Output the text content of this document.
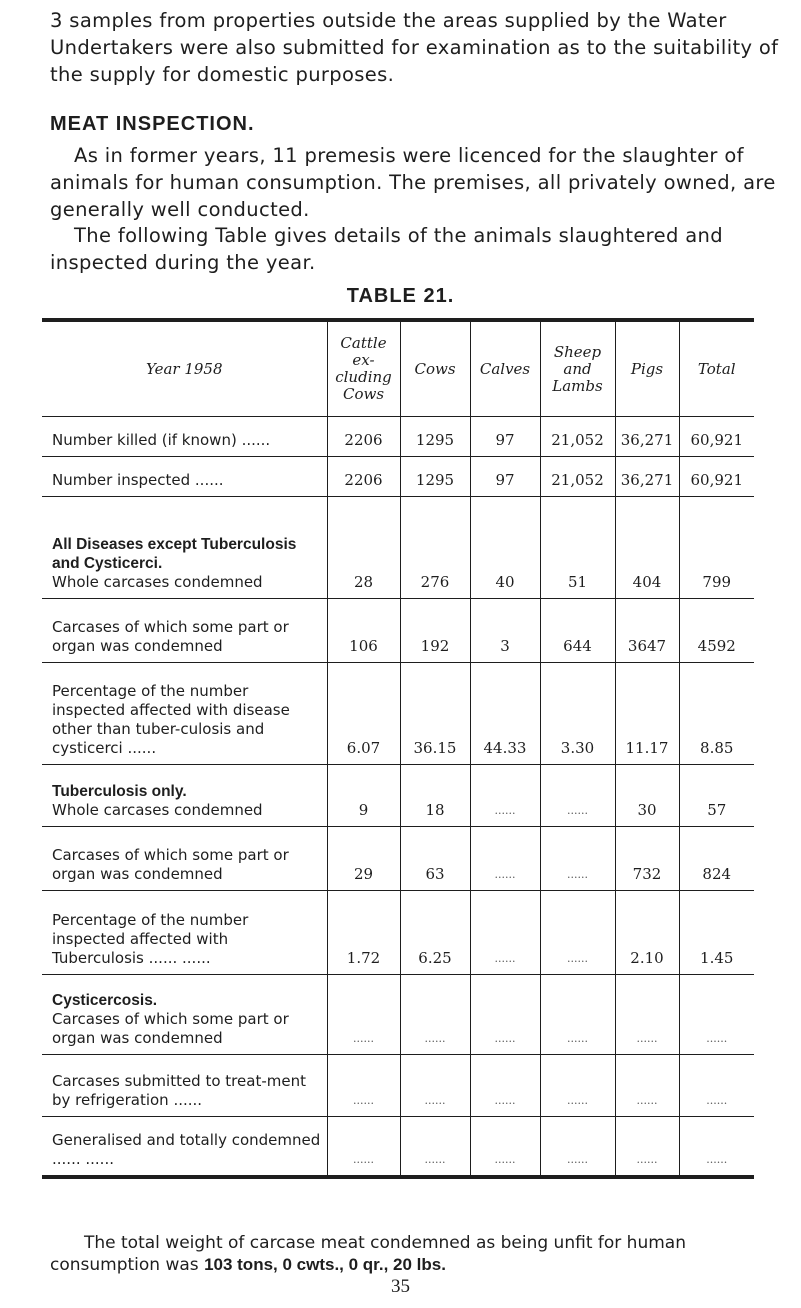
3 samples from properties outside the areas supplied by the Water Undertakers were also submitted for examination as to the suitability of the supply for domestic purposes.

MEAT INSPECTION.

As in former years, 11 premesis were licenced for the slaughter of animals for human consumption. The premises, all privately owned, are generally well conducted.

The following Table gives details of the animals slaughtered and inspected during the year.

TABLE 21.
Year 1958	Cattle ex-cluding Cows	Cows	Calves	Sheep and Lambs	Pigs	Total

Number killed (if known) ......	2206	1295	97	21,052	36,271	60,921

Number inspected ......	2206	1295	97	21,052	36,271	60,921

All Diseases except Tuberculosis and Cysticerci.
Whole carcases condemned	28	276	40	51	404	799

Carcases of which some part or organ was condemned	106	192	3	644	3647	4592

Percentage of the number inspected affected with disease other than tuber-culosis and cysticerci ......	6.07	36.15	44.33	3.30	11.17	8.85

Tuberculosis only.
Whole carcases condemned	9	18	......	......	30	57

Carcases of which some part or organ was condemned	29	63	......	......	732	824

Percentage of the number inspected affected with Tuberculosis ...... ......	1.72	6.25	......	......	2.10	1.45

Cysticercosis.
Carcases of which some part or organ was condemned	......	......	......	......	......	......

Carcases submitted to treat-ment by refrigeration ......	......	......	......	......	......	......

Generalised and totally condemned ...... ......	......	......	......	......	......	......

The total weight of carcase meat condemned as being unfit for human consumption was 103 tons, 0 cwts., 0 qr., 20 lbs.

35
